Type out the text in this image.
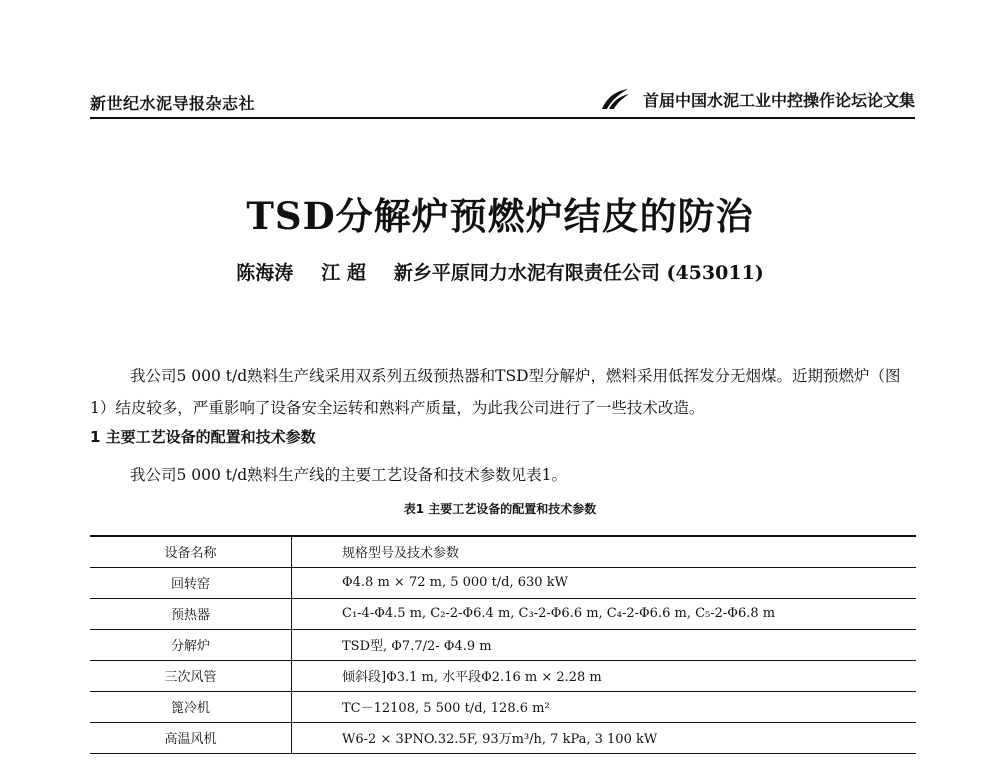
新世纪水泥导报杂志社	首届中国水泥工业中控操作论坛论文集
TSD分解炉预燃炉结皮的防治
陈海涛 江 超 新乡平原同力水泥有限责任公司 (453011)

我公司5 000 t/d熟料生产线采用双系列五级预热器和TSD型分解炉，燃料采用低挥发分无烟煤。近期预燃炉（图1）结皮较多，严重影响了设备安全运转和熟料产质量，为此我公司进行了一些技术改造。

1 主要工艺设备的配置和技术参数

我公司5 000 t/d熟料生产线的主要工艺设备和技术参数见表1。

表1 主要工艺设备的配置和技术参数
设备名称	规格型号及技术参数
回转窑	Φ4.8 m × 72 m, 5 000 t/d, 630 kW
预热器	C₁-4-Φ4.5 m, C₂-2-Φ6.4 m, C₃-2-Φ6.6 m, C₄-2-Φ6.6 m, C₅-2-Φ6.8 m
分解炉	TSD型, Φ7.7/2- Φ4.9 m
三次风管	倾斜段]Φ3.1 m, 水平段Φ2.16 m × 2.28 m
篦冷机	TC－12108, 5 500 t/d, 128.6 m²
高温风机	W6-2 × 3PNO.32.5F, 93万m³/h, 7 kPa, 3 100 kW
